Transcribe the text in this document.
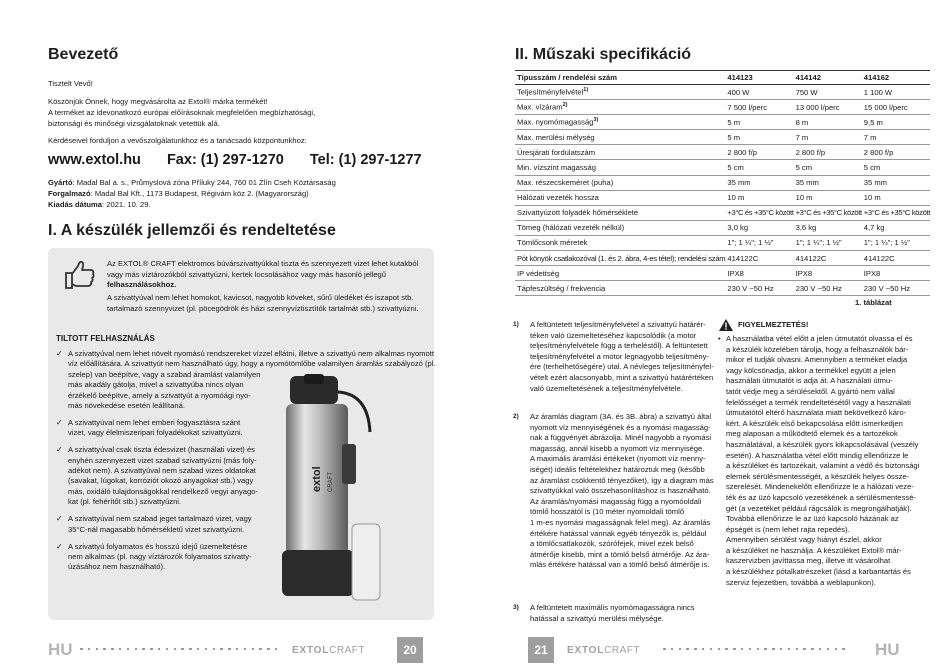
Bevezető
Tisztelt Vevő!
Köszönjük Önnek, hogy megvásárolta az Extol® márka termékét!
A terméket az idevonatkozó európai előírásoknak megfelelően megbízhatósági,
biztonsági és minőségi vizsgálatoknak vetettük alá.
Kérdéseivel forduljon a vevőszolgálatunkhoz és a tanácsadó központunkhoz:
www.extol.hu Fax: (1) 297-1270 Tel: (1) 297-1277
Gyártó: Madal Bal a. s., Průmyslová zóna Příluky 244, 760 01 Zlín Cseh Köztársaság
Forgalmazó: Madal Bal Kft., 1173 Budapest, Régivám köz 2. (Magyarország)
Kiadás dátuma: 2021. 10. 29.
I. A készülék jellemzői és rendeltetése
Az EXTOL® CRAFT elektromos búvárszivattyúkkal tiszta és szennyezett vizet lehet kutakból
vagy más víztározókból szivattyúzni, kertek locsolásához vagy más hasonló jellegű
felhasználásokhoz.
A szivattyúval nem lehet homokot, kavicsot, nagyobb köveket, sűrű üledéket és iszapot stb.
tartalmazó szennyvizet (pl. pöcegödrök és házi szennyvíztisztítók tartalmát stb.) szivattyúzni.
TILTOTT FELHASZNÁLÁS
✓ A szivattyúval nem lehet növelt nyomású rendszereket vízzel ellátni, illetve a szivattyú nem alkalmas nyomott
víz előállítására. A szivattyút nem használható úgy, hogy a nyomótömlőbe valamilyen áramlás szabályozó (pl.
szelep) van beépítve, vagy a szabad áramlást valamilyen
más akadály gátolja, mivel a szivattyúba nincs olyan
érzékelő beépítve, amely a szivattyút a nyomóági nyo-
más növekedése esetén leállítaná.
✓ A szivattyúval nem lehet emberi fogyasztásra szánt
vizet, vagy élelmiszeripari folyadékokat szivattyúzni.
✓ A szivattyúval csak tiszta édesvizet (használati vizet) és
enyhén szennyezett vizet szabad szivattyúzni (más foly-
adékot nem). A szivattyúval nem szabad vizes oldatokat
(savakat, lúgokat, korróziót okozó anyagokat stb.) vagy
más, oxidáló tulajdonságokkal rendelkező vegyi anyago-
kat (pl. fehérítőt stb.) szivattyúzni.
✓ A szivattyúval nem szabad jeget tartalmazó vizet, vagy
35°C-nál magasabb hőmérsékletű vizet szivattyúzni.
✓ A szivattyú folyamatos és hosszú idejű üzemeltetésre
nem alkalmas (pl. nagy víztározók folyamatos szivatty-
úzásához nem használható).
extol CRAFT
HU	EXTOLCRAFT	20
II. Műszaki specifikáció
Típusszám / rendelési szám	414123	414142	414162
Teljesítményfelvétel$^{1)}$	400 W	750 W	1 100 W
Max. vízáram$^{2)}$	7 500 l/perc	13 000 l/perc	15 000 l/perc
Max. nyomómagasság$^{3)}$	5 m	8 m	9,5 m
Max. merülési mélység	5 m	7 m	7 m
Üresjárati fordulatszám	2 800 f/p	2 800 f/p	2 800 f/p
Min. vízszint magasság	5 cm	5 cm	5 cm
Max. részecskeméret (puha)	35 mm	35 mm	35 mm
Hálózati vezeték hossza	10 m	10 m	10 m
Szivattyúzott folyadék hőmérséklete	+3°C és +35°C között	+3°C és +35°C között	+3°C és +35°C között
Tömeg (hálózati vezeték nélkül)	3,0 kg	3,6 kg	4,7 kg
Tömlőcsonk méretek	1"; 1 ¼"; 1 ½"	1"; 1 ¼"; 1 ½"	1"; 1 ¼"; 1 ½"
Pót könyök csatlakozóval (1. és 2. ábra, 4-es tétel); rendelési szám	414122C	414122C	414122C
IP védettség	IPX8	IPX8	IPX8
Tápfeszültség / frekvencia	230 V ~50 Hz	230 V ~50 Hz	230 V ~50 Hz
1. táblázat
1) A feltüntetett teljesítményfelvétel a szivattyú határér-
téken való üzemeltetéséhez kapcsolódik (a motor
teljesítményfelvétele függ a terheléstől). A feltüntetett
teljesítményfelvétel a motor legnagyobb teljesítmény-
ére (terhelhetőségére) utal. A névleges teljesítményfel-
vételt ezért alacsonyabb, mint a szivattyú határértéken
való üzemeltetésének a teljesítményfelvétele.
2) Az áramlás diagram (3A. és 3B. ábra) a szivattyú által
nyomott víz mennyiségének és a nyomási magasság-
nak a függvényét ábrázolja. Minél nagyobb a nyomási
magasság, annál kisebb a nyomott víz mennyisége.
A maximális áramlási értékeket (nyomott víz menny-
iségét) ideális feltételekhez határoztuk meg (később
az áramlást csökkentő tényezőket), így a diagram más
szivattyúkkal való összehasonlításhoz is használható.
Az áramlás/nyomási magasság függ a nyomóoldali
tömlő hosszától is (10 méter nyomoldali tömlő
1 m-es nyomási magasságnak felel meg). Az áramlás
értékére hatással vannak egyéb tényezők is, például
a tömlőcsatlakozók, szórófejek, mivel ezek belső
átmérője kisebb, mint a tömlő belső átmérője. Az ára-
mlás értékére hatással van a tömlő belső átmérője is.
3) A feltüntetett maximális nyomómagasságra nincs
hatással a szivattyú merülési mélysége.
FIGYELMEZTETÉS!
• A használatba vétel előtt a jelen útmutatót olvassa el és
a készülék közelében tárolja, hogy a felhasználók bár-
mikor el tudják olvasni. Amennyiben a terméket eladja
vagy kölcsönadja, akkor a termékkel együtt a jelen
használati útmutatót is adja át. A használati útmu-
tatót védje meg a sérülésektől. A gyártó nem vállal
felelősséget a termék rendeltetésétől vagy a használati
útmutatótól eltérő használata miatt bekövetkező káro-
kért. A készülék első bekapcsolása előtt ismerkedjen
meg alaposan a működtető elemek és a tartozékok
használatával, a készülék gyors kikapcsolásával (veszély
esetén). A használatba vétel előtt mindig ellenőrizze le
a készüléket és tartozékait, valamint a védő és biztonsági
elemek sérülésmentességét, a készülék helyes össze-
szerelését. Mindenekelőtt ellenőrizze le a hálózati veze-
ték és az üzó kapcsoló vezetékének a sérülésmentessé-
gét (a vezetéket például rágcsálók is megrongálhatják).
Továbbá ellenőrizze le az üzó kapcsoló házának az
épségét is (nem lehet rajta repedés).
Amennyiben sérülést vagy hiányt észlel, akkor
a készüléket ne használja. A készüléket Extol® már-
kaszervizben javíttassa meg, illetve itt vásárolhat
a készülékhez pótalkatrészeket (lásd a karbantartás és
szerviz fejezetben, továbbá a weblapunkon).
21	EXTOLCRAFT	HU
